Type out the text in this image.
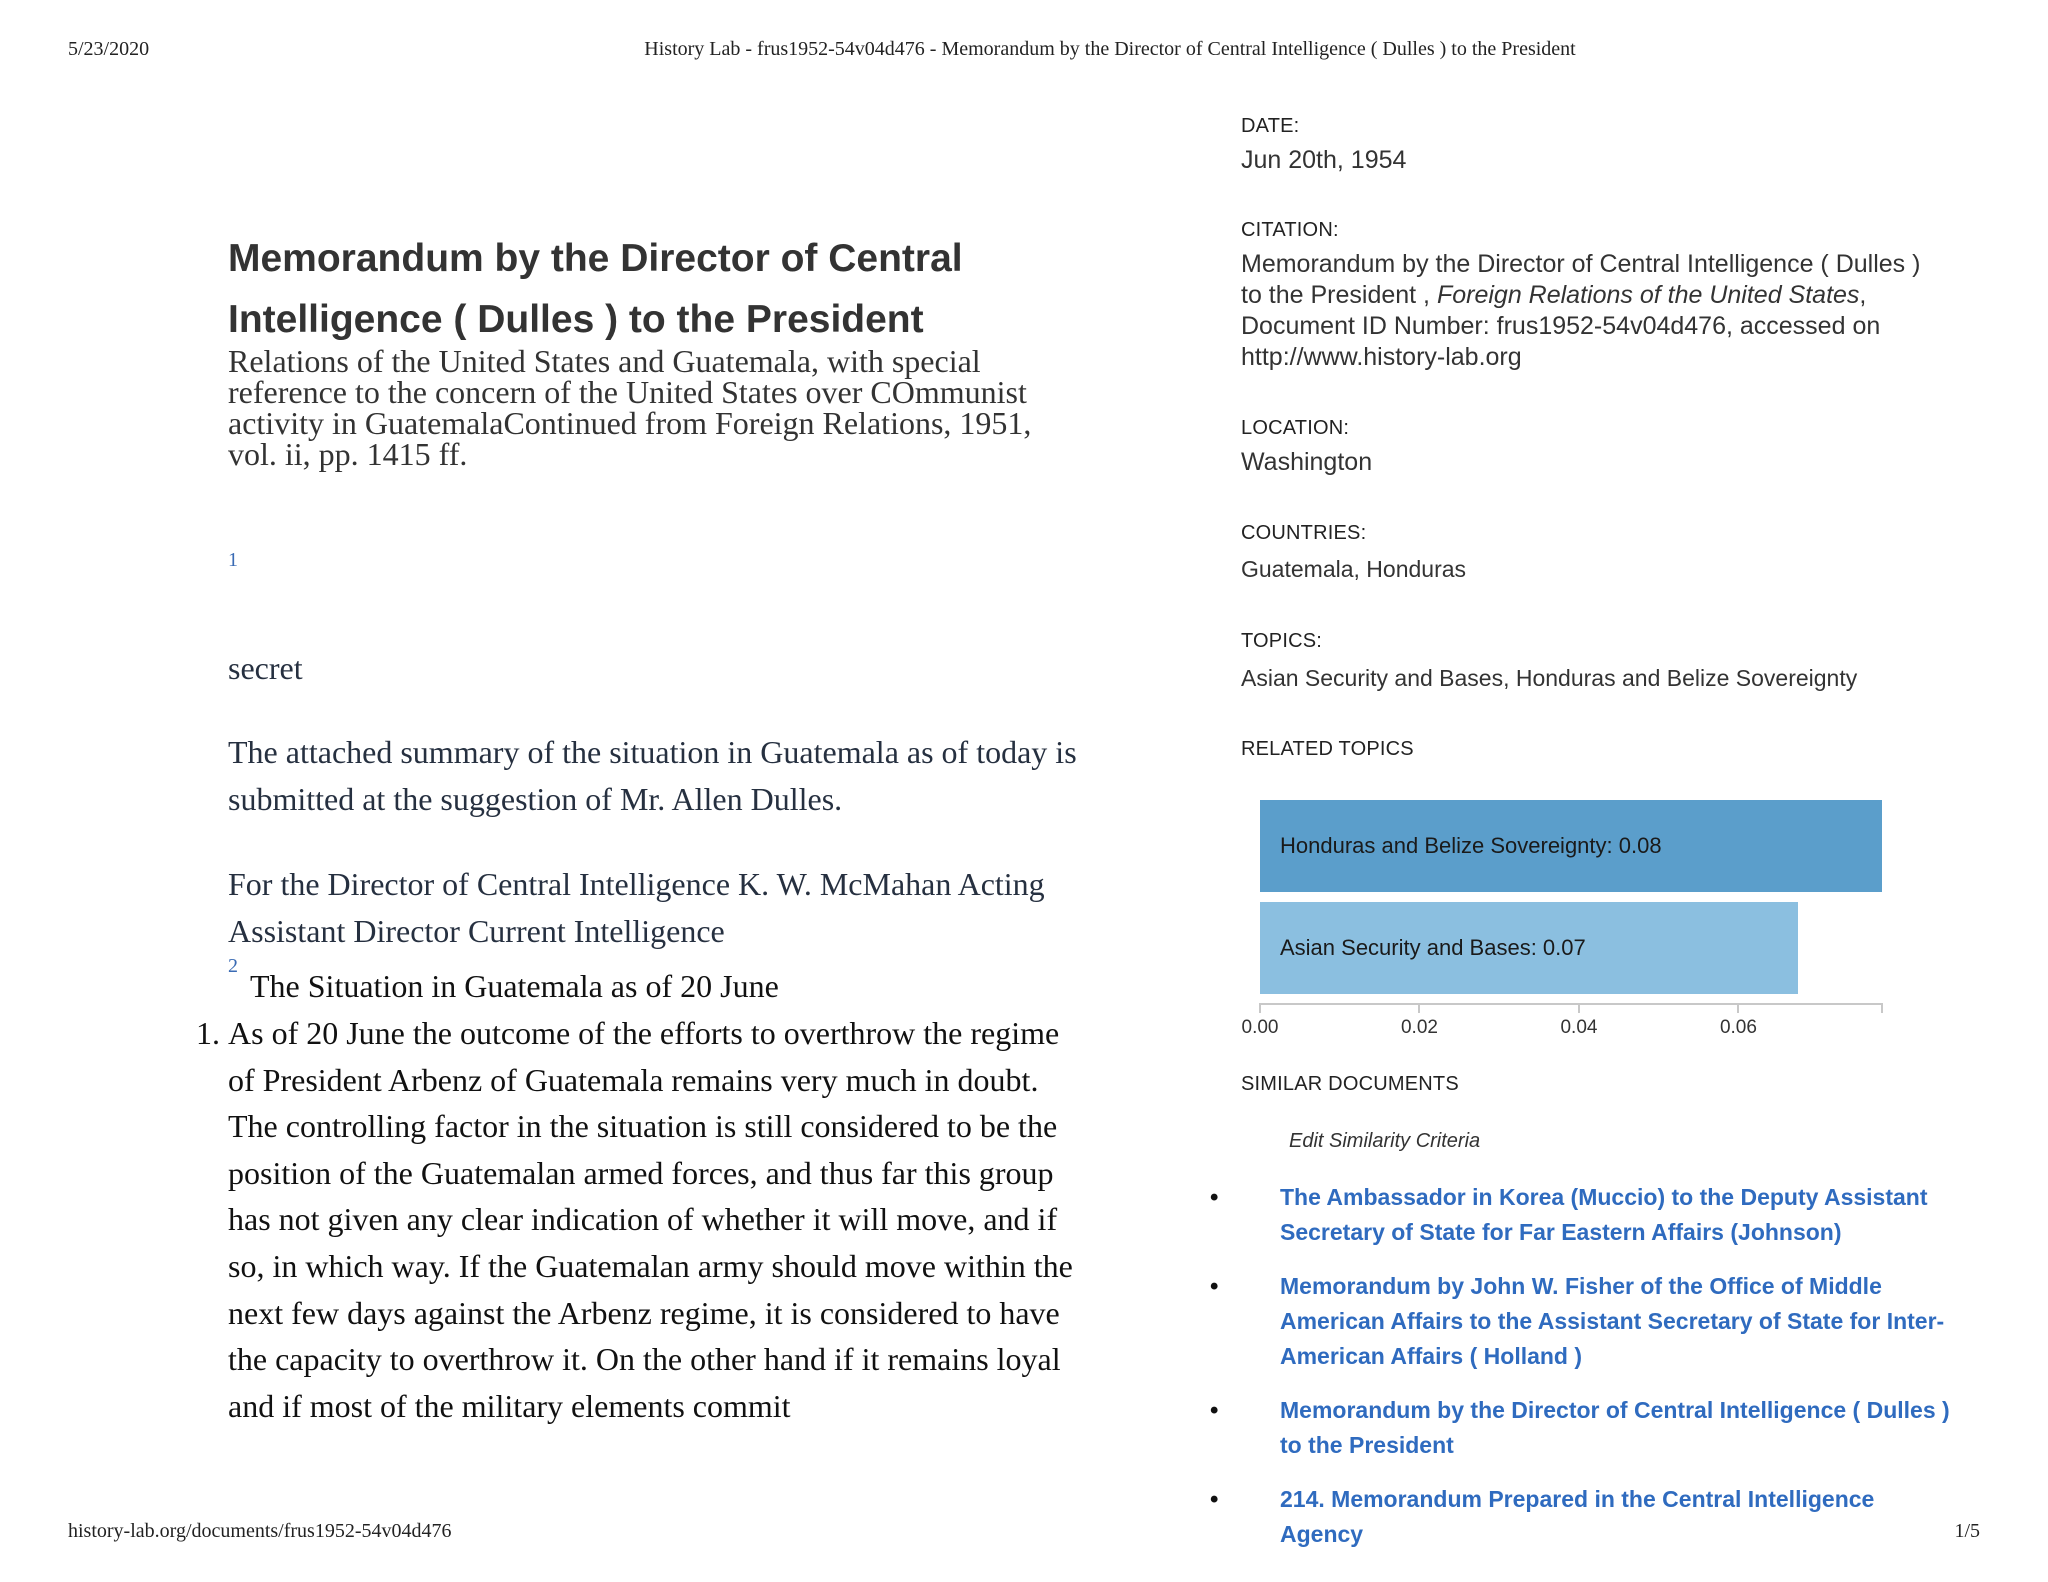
5/23/2020	History Lab - frus1952-54v04d476 - Memorandum by the Director of Central Intelligence ( Dulles ) to the President
Memorandum by the Director of Central
Intelligence ( Dulles ) to the President
Relations of the United States and Guatemala, with special reference to the concern of the United States over COmmunist activity in GuatemalaContinued from Foreign Relations, 1951, vol. ii, pp. 1415 ff.
1
secret
The attached summary of the situation in Guatemala as of today is submitted at the suggestion of Mr. Allen Dulles.
For the Director of Central Intelligence K. W. McMahan Acting Assistant Director Current Intelligence
2
The Situation in Guatemala as of 20 June
1. As of 20 June the outcome of the efforts to overthrow the regime of President Arbenz of Guatemala remains very much in doubt. The controlling factor in the situation is still considered to be the position of the Guatemalan armed forces, and thus far this group has not given any clear indication of whether it will move, and if so, in which way. If the Guatemalan army should move within the next few days against the Arbenz regime, it is considered to have the capacity to overthrow it. On the other hand if it remains loyal and if most of the military elements commit
DATE:
Jun 20th, 1954
CITATION:
Memorandum by the Director of Central Intelligence ( Dulles ) to the President , Foreign Relations of the United States, Document ID Number: frus1952-54v04d476, accessed on http://www.history-lab.org
LOCATION:
Washington
COUNTRIES:
Guatemala, Honduras
TOPICS:
Asian Security and Bases, Honduras and Belize Sovereignty
RELATED TOPICS
Honduras and Belize Sovereignty: 0.08
Asian Security and Bases: 0.07
0.00	0.02	0.04	0.06
SIMILAR DOCUMENTS
Edit Similarity Criteria
•	The Ambassador in Korea (Muccio) to the Deputy Assistant Secretary of State for Far Eastern Affairs (Johnson)
•	Memorandum by John W. Fisher of the Office of Middle American Affairs to the Assistant Secretary of State for Inter-American Affairs ( Holland )
•	Memorandum by the Director of Central Intelligence ( Dulles ) to the President
•	214. Memorandum Prepared in the Central Intelligence Agency
history-lab.org/documents/frus1952-54v04d476	1/5
